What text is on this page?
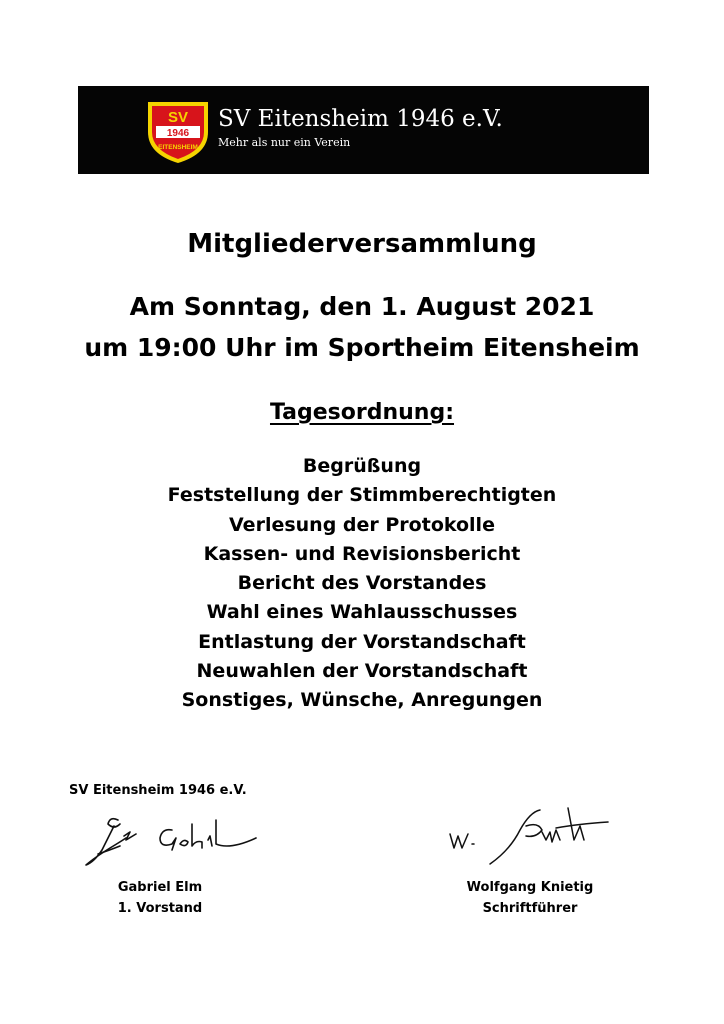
SV
1946
EITENSHEIM
SV Eitensheim 1946 e.V.
Mehr als nur ein Verein
Mitgliederversammlung
Am Sonntag, den 1. August 2021
um 19:00 Uhr im Sportheim Eitensheim
Tagesordnung:
Begrüßung
Feststellung der Stimmberechtigten
Verlesung der Protokolle
Kassen- und Revisionsbericht
Bericht des Vorstandes
Wahl eines Wahlausschusses
Entlastung der Vorstandschaft
Neuwahlen der Vorstandschaft
Sonstiges, Wünsche, Anregungen
SV Eitensheim 1946 e.V.
Gabriel Elm
1. Vorstand
Wolfgang Knietig
Schriftführer
